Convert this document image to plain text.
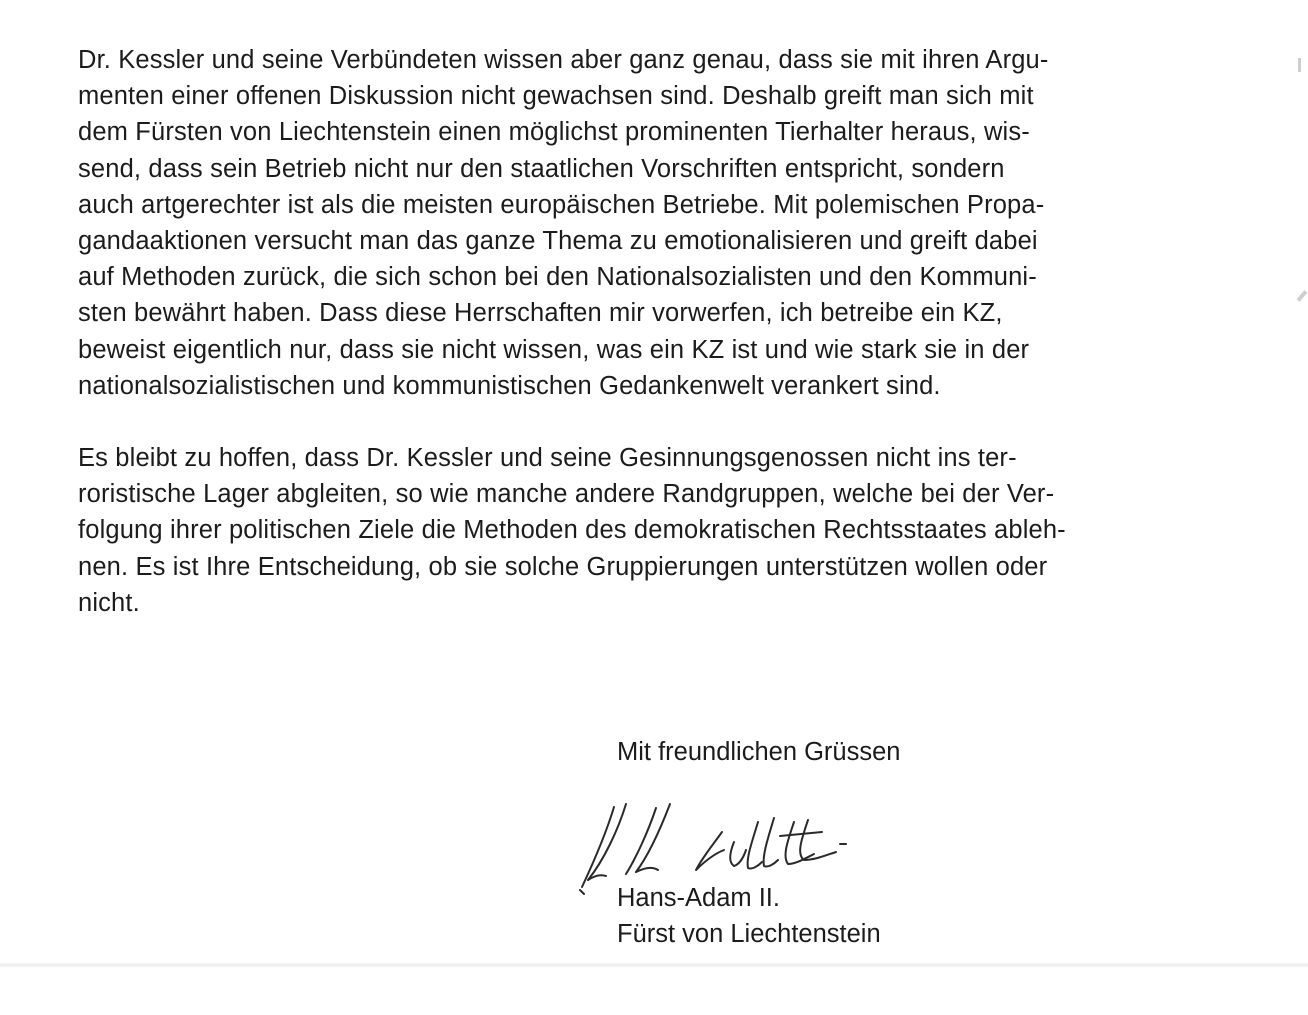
Dr. Kessler und seine Verbündeten wissen aber ganz genau, dass sie mit ihren Argu-
menten einer offenen Diskussion nicht gewachsen sind. Deshalb greift man sich mit
dem Fürsten von Liechtenstein einen möglichst prominenten Tierhalter heraus, wis-
send, dass sein Betrieb nicht nur den staatlichen Vorschriften entspricht, sondern
auch artgerechter ist als die meisten europäischen Betriebe. Mit polemischen Propa-
gandaaktionen versucht man das ganze Thema zu emotionalisieren und greift dabei
auf Methoden zurück, die sich schon bei den Nationalsozialisten und den Kommuni-
sten bewährt haben. Dass diese Herrschaften mir vorwerfen, ich betreibe ein KZ,
beweist eigentlich nur, dass sie nicht wissen, was ein KZ ist und wie stark sie in der
nationalsozialistischen und kommunistischen Gedankenwelt verankert sind.
Es bleibt zu hoffen, dass Dr. Kessler und seine Gesinnungsgenossen nicht ins ter-
roristische Lager abgleiten, so wie manche andere Randgruppen, welche bei der Ver-
folgung ihrer politischen Ziele die Methoden des demokratischen Rechtsstaates ableh-
nen. Es ist Ihre Entscheidung, ob sie solche Gruppierungen unterstützen wollen oder
nicht.
Mit freundlichen Grüssen
Hans-Adam II.
Fürst von Liechtenstein
